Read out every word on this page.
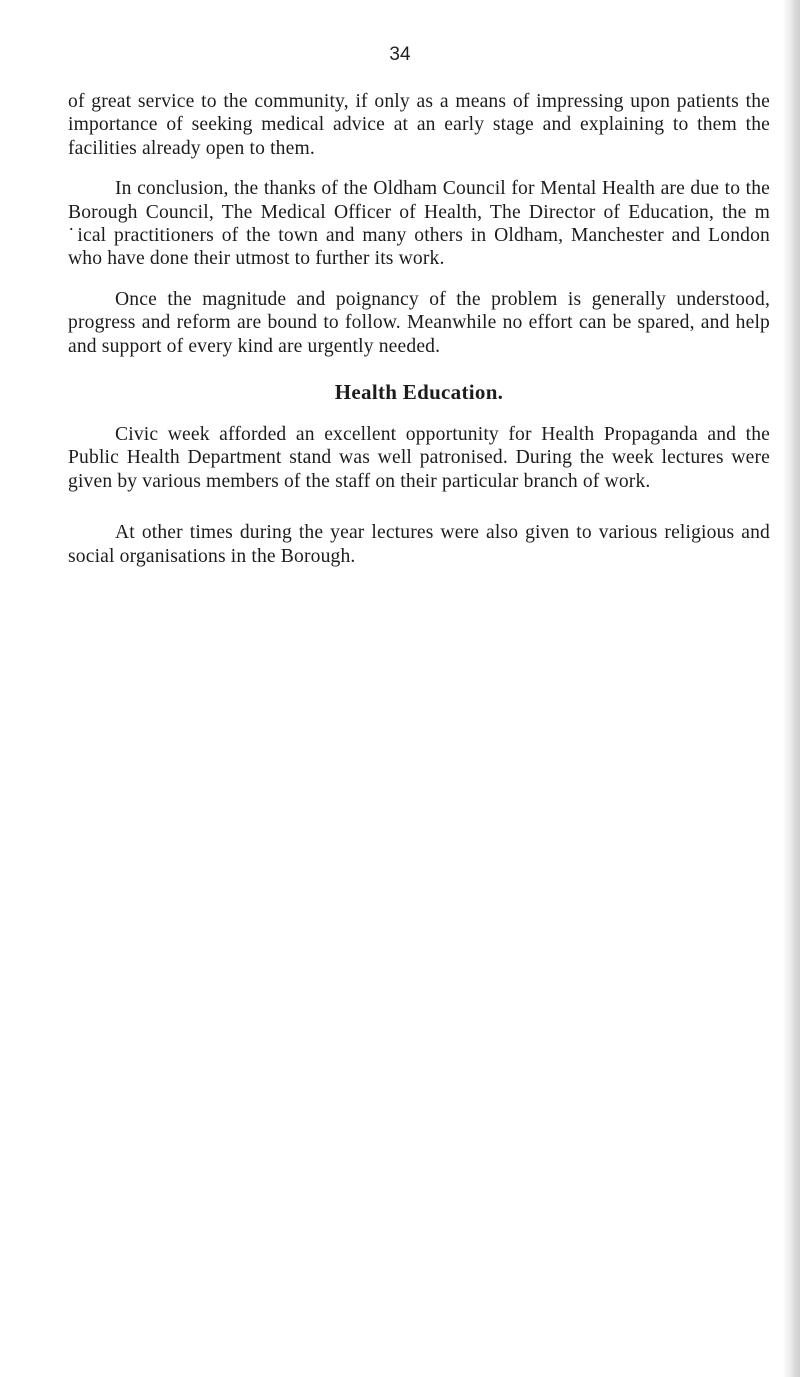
34

of great service to the community, if only as a means of impressing upon patients the importance of seeking medical advice at an early stage and explaining to them the facilities already open to them.

In conclusion, the thanks of the Oldham Council for Mental Health are due to the Borough Council, The Medical Officer of Health, The Director of Education, the m ˙ical practitioners of the town and many others in Oldham, Manchester and London who have done their utmost to further its work.

Once the magnitude and poignancy of the problem is generally understood, progress and reform are bound to follow. Meanwhile no effort can be spared, and help and support of every kind are urgently needed.

Health Education.

Civic week afforded an excellent opportunity for Health Propaganda and the Public Health Department stand was well patronised. During the week lectures were given by various members of the staff on their particular branch of work.

At other times during the year lectures were also given to various religious and social organisations in the Borough.
